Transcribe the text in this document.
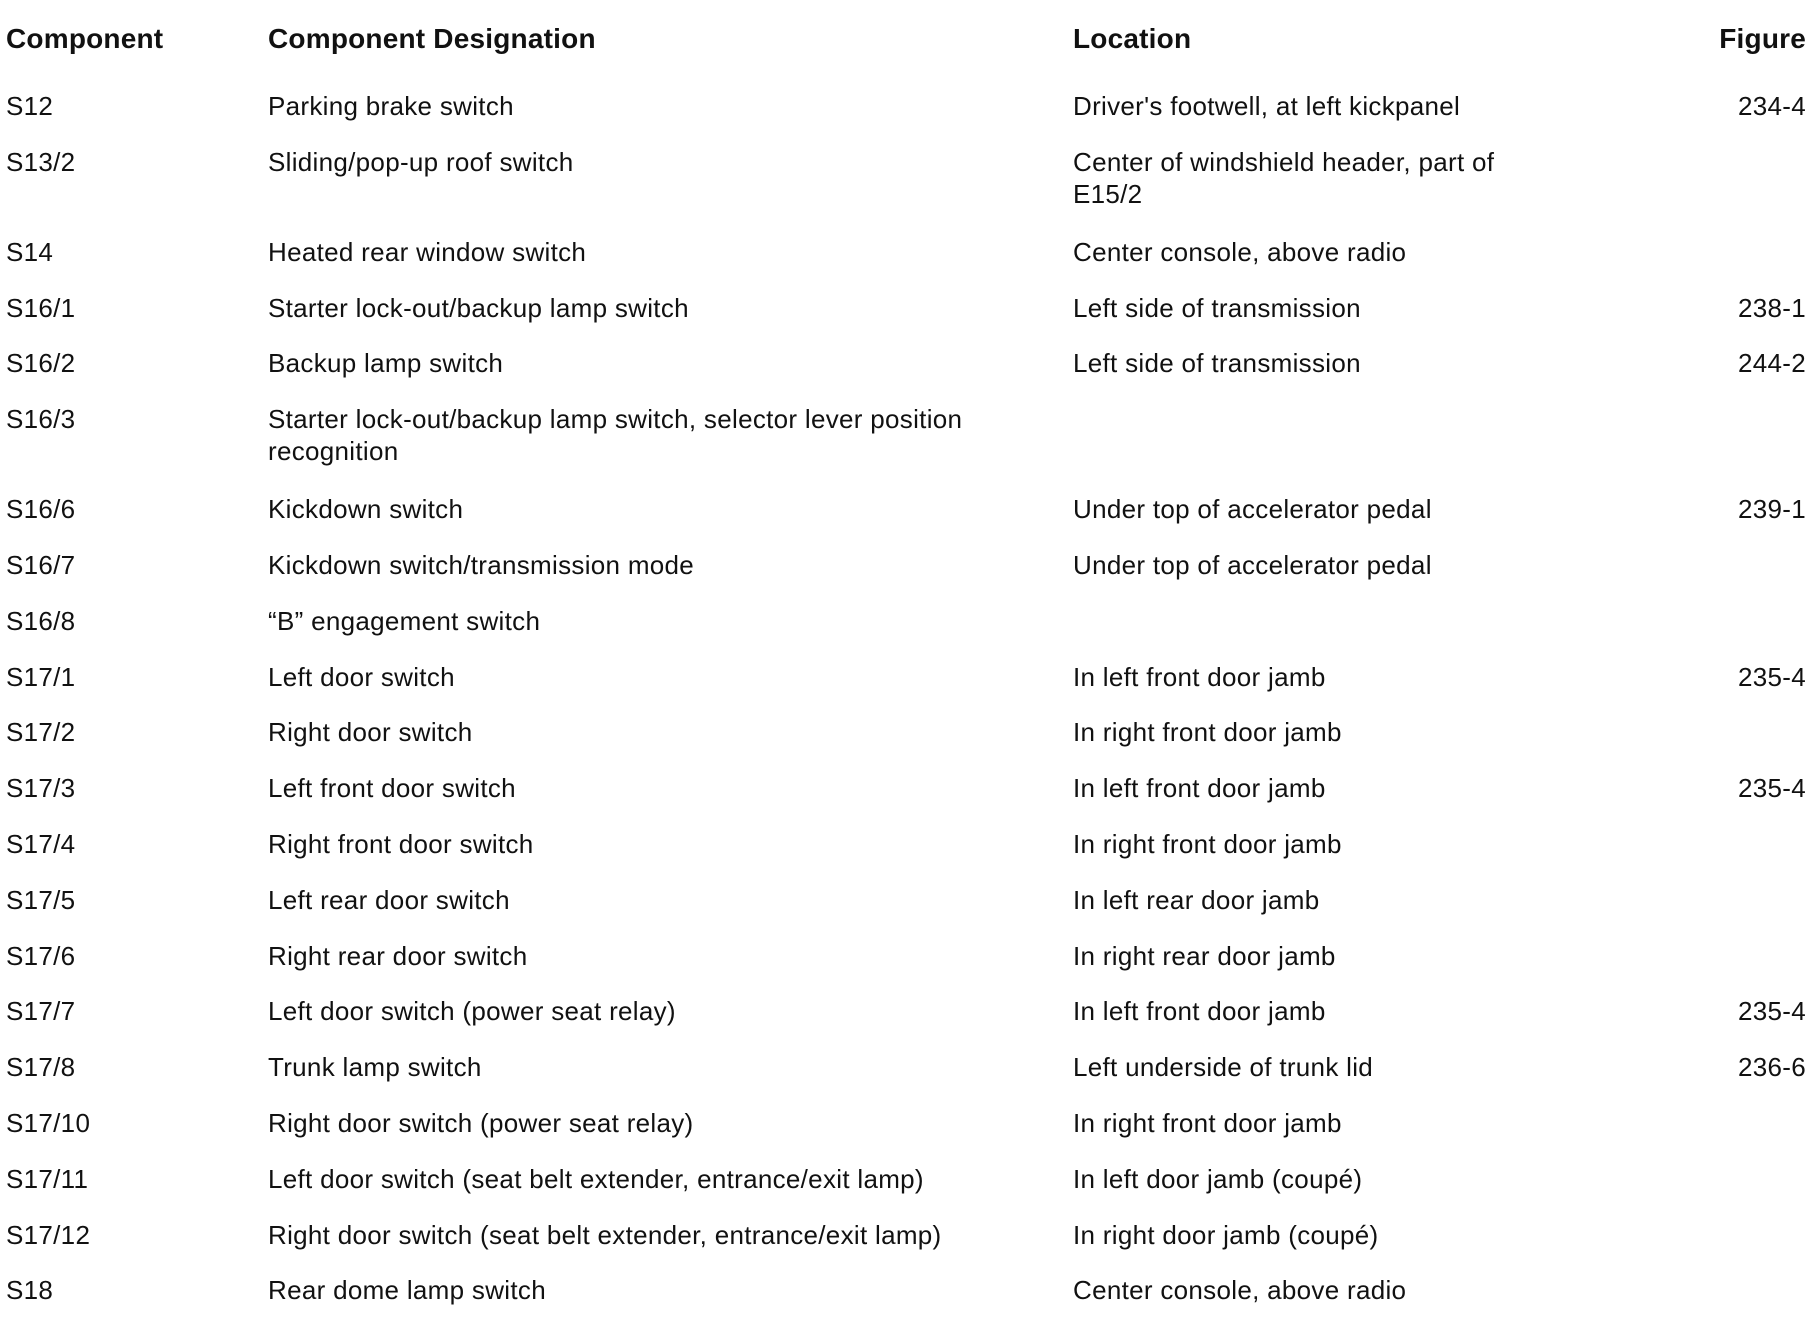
Component	Component Designation	Location	Figure
S12	Parking brake switch	Driver's footwell, at left kickpanel	234-4
S13/2	Sliding/pop-up roof switch	Center of windshield header, part of
E15/2	
S14	Heated rear window switch	Center console, above radio	
S16/1	Starter lock-out/backup lamp switch	Left side of transmission	238-1
S16/2	Backup lamp switch	Left side of transmission	244-2
S16/3	Starter lock-out/backup lamp switch, selector lever position
recognition		
S16/6	Kickdown switch	Under top of accelerator pedal	239-1
S16/7	Kickdown switch/transmission mode	Under top of accelerator pedal	
S16/8	“B” engagement switch		
S17/1	Left door switch	In left front door jamb	235-4
S17/2	Right door switch	In right front door jamb	
S17/3	Left front door switch	In left front door jamb	235-4
S17/4	Right front door switch	In right front door jamb	
S17/5	Left rear door switch	In left rear door jamb	
S17/6	Right rear door switch	In right rear door jamb	
S17/7	Left door switch (power seat relay)	In left front door jamb	235-4
S17/8	Trunk lamp switch	Left underside of trunk lid	236-6
S17/10	Right door switch (power seat relay)	In right front door jamb	
S17/11	Left door switch (seat belt extender, entrance/exit lamp)	In left door jamb (coupé)	
S17/12	Right door switch (seat belt extender, entrance/exit lamp)	In right door jamb (coupé)	
S18	Rear dome lamp switch	Center console, above radio	
